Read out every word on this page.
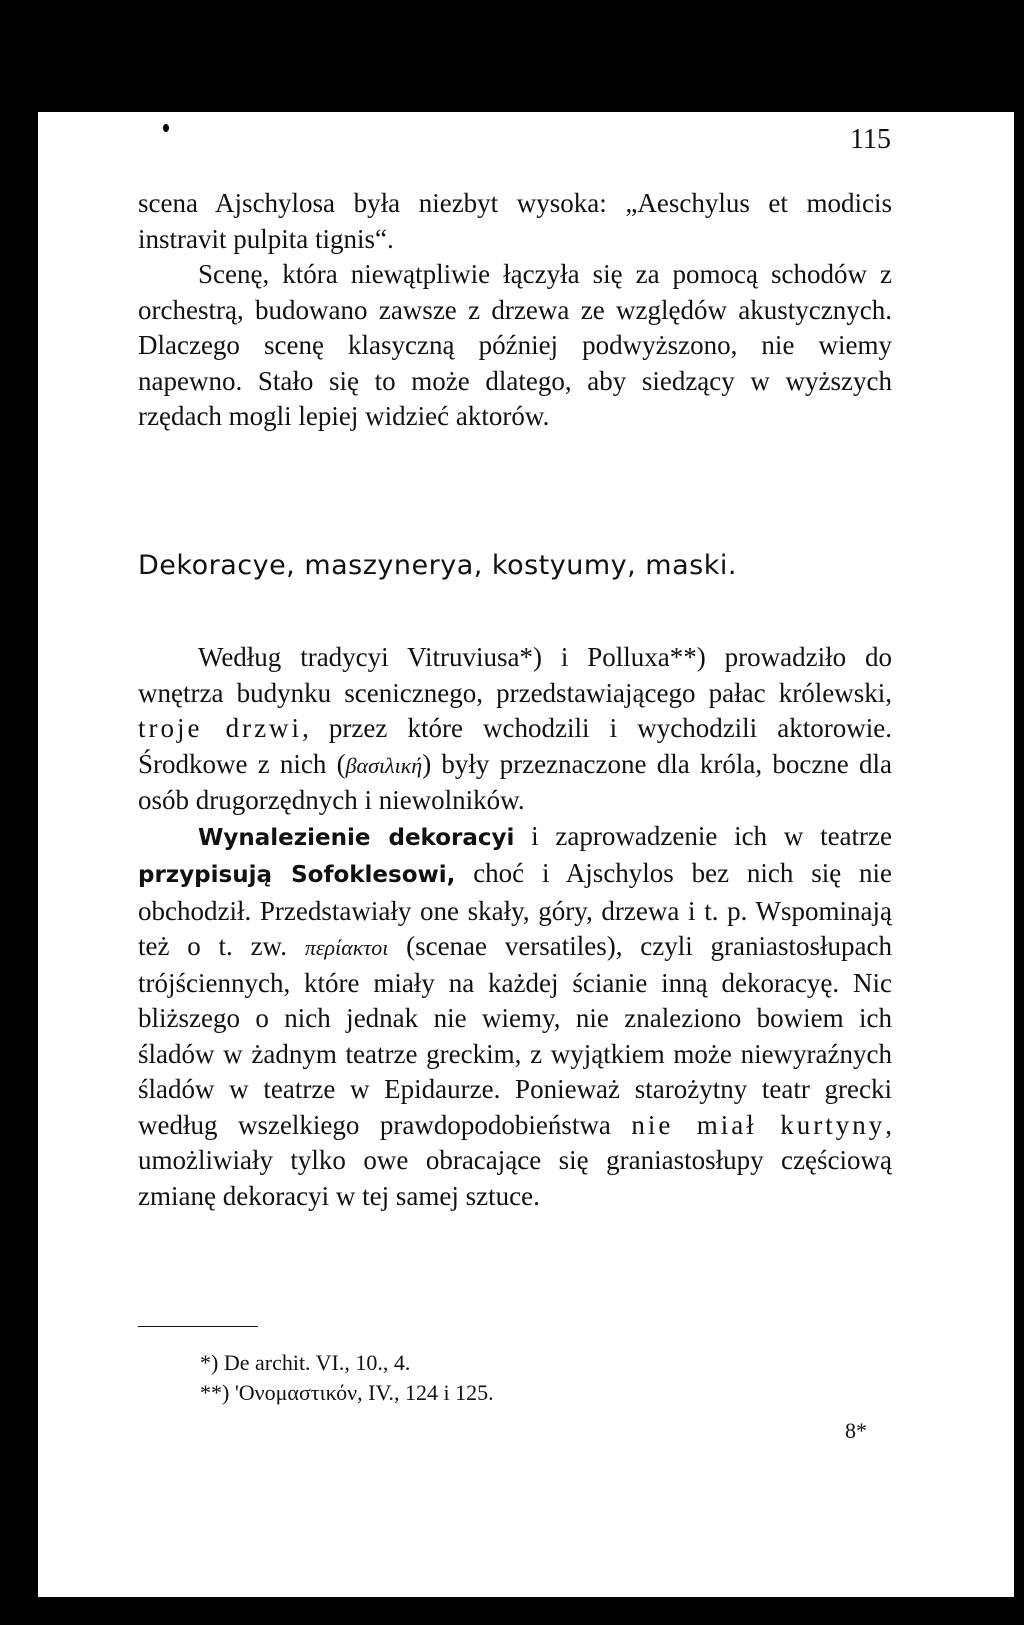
115
scena Ajschylosa była niezbyt wysoka: „Aeschylus et modicis instravit pulpita tignis“.
Scenę, która niewątpliwie łączyła się za pomocą schodów z orchestrą, budowano zawsze z drzewa ze względów akustycznych. Dlaczego scenę klasyczną później podwyższono, nie wiemy napewno. Stało się to może dlatego, aby siedzący w wyższych rzędach mogli lepiej widzieć aktorów.
Dekoracye, maszynerya, kostyumy, maski.
Według tradycyi Vitruviusa*) i Polluxa**) prowadziło do wnętrza budynku scenicznego, przedstawiającego pałac królewski, troje drzwi, przez które wchodzili i wychodzili aktorowie. Środkowe z nich (βασιλική) były przeznaczone dla króla, boczne dla osób drugorzędnych i niewolników.
Wynalezienie dekoracyi i zaprowadzenie ich w teatrze przypisują Sofoklesowi, choć i Ajschylos bez nich się nie obchodził. Przedstawiały one skały, góry, drzewa i t. p. Wspominają też o t. zw. περίακτοι (scenae versatiles), czyli graniastosłupach trójściennych, które miały na każdej ścianie inną dekoracyę. Nic bliższego o nich jednak nie wiemy, nie znaleziono bowiem ich śladów w żadnym teatrze greckim, z wyjątkiem może niewyraźnych śladów w teatrze w Epidaurze. Ponieważ starożytny teatr grecki według wszelkiego prawdopodobieństwa nie miał kurtyny, umożliwiały tylko owe obracające się graniastosłupy częściową zmianę dekoracyi w tej samej sztuce.
*) De archit. VI., 10., 4.
**) 'Ονομαστικόν, IV., 124 i 125.
8*
